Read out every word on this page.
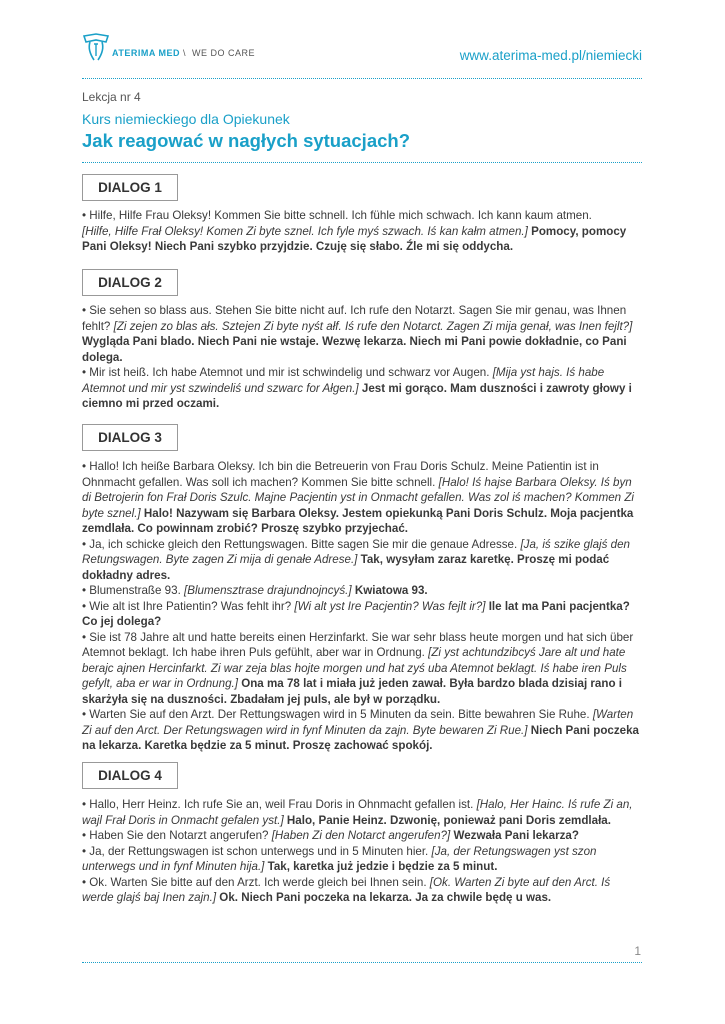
ATERIMA MED \ WE DO CARE	www.aterima-med.pl/niemiecki
Lekcja nr 4
Kurs niemieckiego dla Opiekunek
Jak reagować w nagłych sytuacjach?
DIALOG 1

• Hilfe, Hilfe Frau Oleksy! Kommen Sie bitte schnell. Ich fühle mich schwach. Ich kann kaum atmen.
[Hilfe, Hilfe Frał Oleksy! Komen Zi byte sznel. Ich fyle myś szwach. Iś kan kałm atmen.] Pomocy, pomocy Pani Oleksy! Niech Pani szybko przyjdzie. Czuję się słabo. Źle mi się oddycha.

DIALOG 2

• Sie sehen so blass aus. Stehen Sie bitte nicht auf. Ich rufe den Notarzt. Sagen Sie mir genau, was Ihnen fehlt? [Zi zejen zo blas ałs. Sztejen Zi byte nyśt ałf. Iś rufe den Notarct. Zagen Zi mija genał, was Inen fejlt?] Wygląda Pani blado. Niech Pani nie wstaje. Wezwę lekarza. Niech mi Pani powie dokładnie, co Pani dolega.

• Mir ist heiß. Ich habe Atemnot und mir ist schwindelig und schwarz vor Augen. [Mija yst hajs. Iś habe Atemnot und mir yst szwindeliś und szwarc for Ałgen.] Jest mi gorąco. Mam duszności i zawroty głowy i ciemno mi przed oczami.

DIALOG 3

• Hallo! Ich heiße Barbara Oleksy. Ich bin die Betreuerin von Frau Doris Schulz. Meine Patientin ist in Ohnmacht gefallen. Was soll ich machen? Kommen Sie bitte schnell. [Halo! Iś hajse Barbara Oleksy. Iś byn di Betrojerin fon Frał Doris Szulc. Majne Pacjentin yst in Onmacht gefallen. Was zol iś machen? Kommen Zi byte sznel.] Halo! Nazywam się Barbara Oleksy. Jestem opiekunką Pani Doris Schulz. Moja pacjentka zemdlała. Co powinnam zrobić? Proszę szybko przyjechać.

• Ja, ich schicke gleich den Rettungswagen. Bitte sagen Sie mir die genaue Adresse. [Ja, iś szike glajś den Retungswagen. Byte zagen Zi mija di genałe Adrese.] Tak, wysyłam zaraz karetkę. Proszę mi podać dokładny adres.

• Blumenstraße 93. [Blumensztrase drajundnojncyś.] Kwiatowa 93.

• Wie alt ist Ihre Patientin? Was fehlt ihr? [Wi alt yst Ire Pacjentin? Was fejlt ir?] Ile lat ma Pani pacjentka? Co jej dolega?

• Sie ist 78 Jahre alt und hatte bereits einen Herzinfarkt. Sie war sehr blass heute morgen und hat sich über Atemnot beklagt. Ich habe ihren Puls gefühlt, aber war in Ordnung. [Zi yst achtundzibcyś Jare alt und hate berajc ajnen Hercinfarkt. Zi war zeja blas hojte morgen und hat zyś uba Atemnot beklagt. Iś habe iren Puls gefylt, aba er war in Ordnung.] Ona ma 78 lat i miała już jeden zawał. Była bardzo blada dzisiaj rano i skarżyła się na duszności. Zbadałam jej puls, ale był w porządku.

• Warten Sie auf den Arzt. Der Rettungswagen wird in 5 Minuten da sein. Bitte bewahren Sie Ruhe. [Warten Zi auf den Arct. Der Retungswagen wird in fynf Minuten da zajn. Byte bewaren Zi Rue.] Niech Pani poczeka na lekarza. Karetka będzie za 5 minut. Proszę zachować spokój.

DIALOG 4

• Hallo, Herr Heinz. Ich rufe Sie an, weil Frau Doris in Ohnmacht gefallen ist. [Halo, Her Hainc. Iś rufe Zi an, wajl Frał Doris in Onmacht gefalen yst.] Halo, Panie Heinz. Dzwonię, ponieważ pani Doris zemdlała.

• Haben Sie den Notarzt angerufen? [Haben Zi den Notarct angerufen?] Wezwała Pani lekarza?

• Ja, der Rettungswagen ist schon unterwegs und in 5 Minuten hier. [Ja, der Retungswagen yst szon unterwegs und in fynf Minuten hija.] Tak, karetka już jedzie i będzie za 5 minut.

• Ok. Warten Sie bitte auf den Arzt. Ich werde gleich bei Ihnen sein. [Ok. Warten Zi byte auf den Arct. Iś werde glajś baj Inen zajn.] Ok. Niech Pani poczeka na lekarza. Ja za chwile będę u was.

1
